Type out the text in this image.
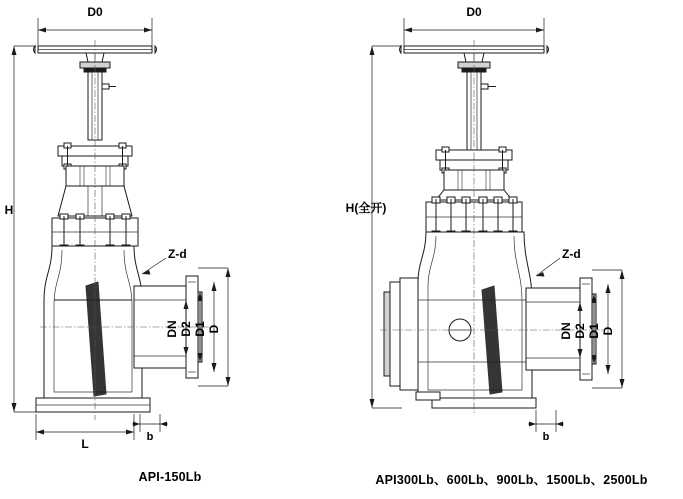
D0
H
Z-d
DN D2 D1 D
L	b
API-150Lb
D0
H(全开)
Z-d
DN D2 D1 D
b
API300Lb、600Lb、900Lb、1500Lb、2500Lb
